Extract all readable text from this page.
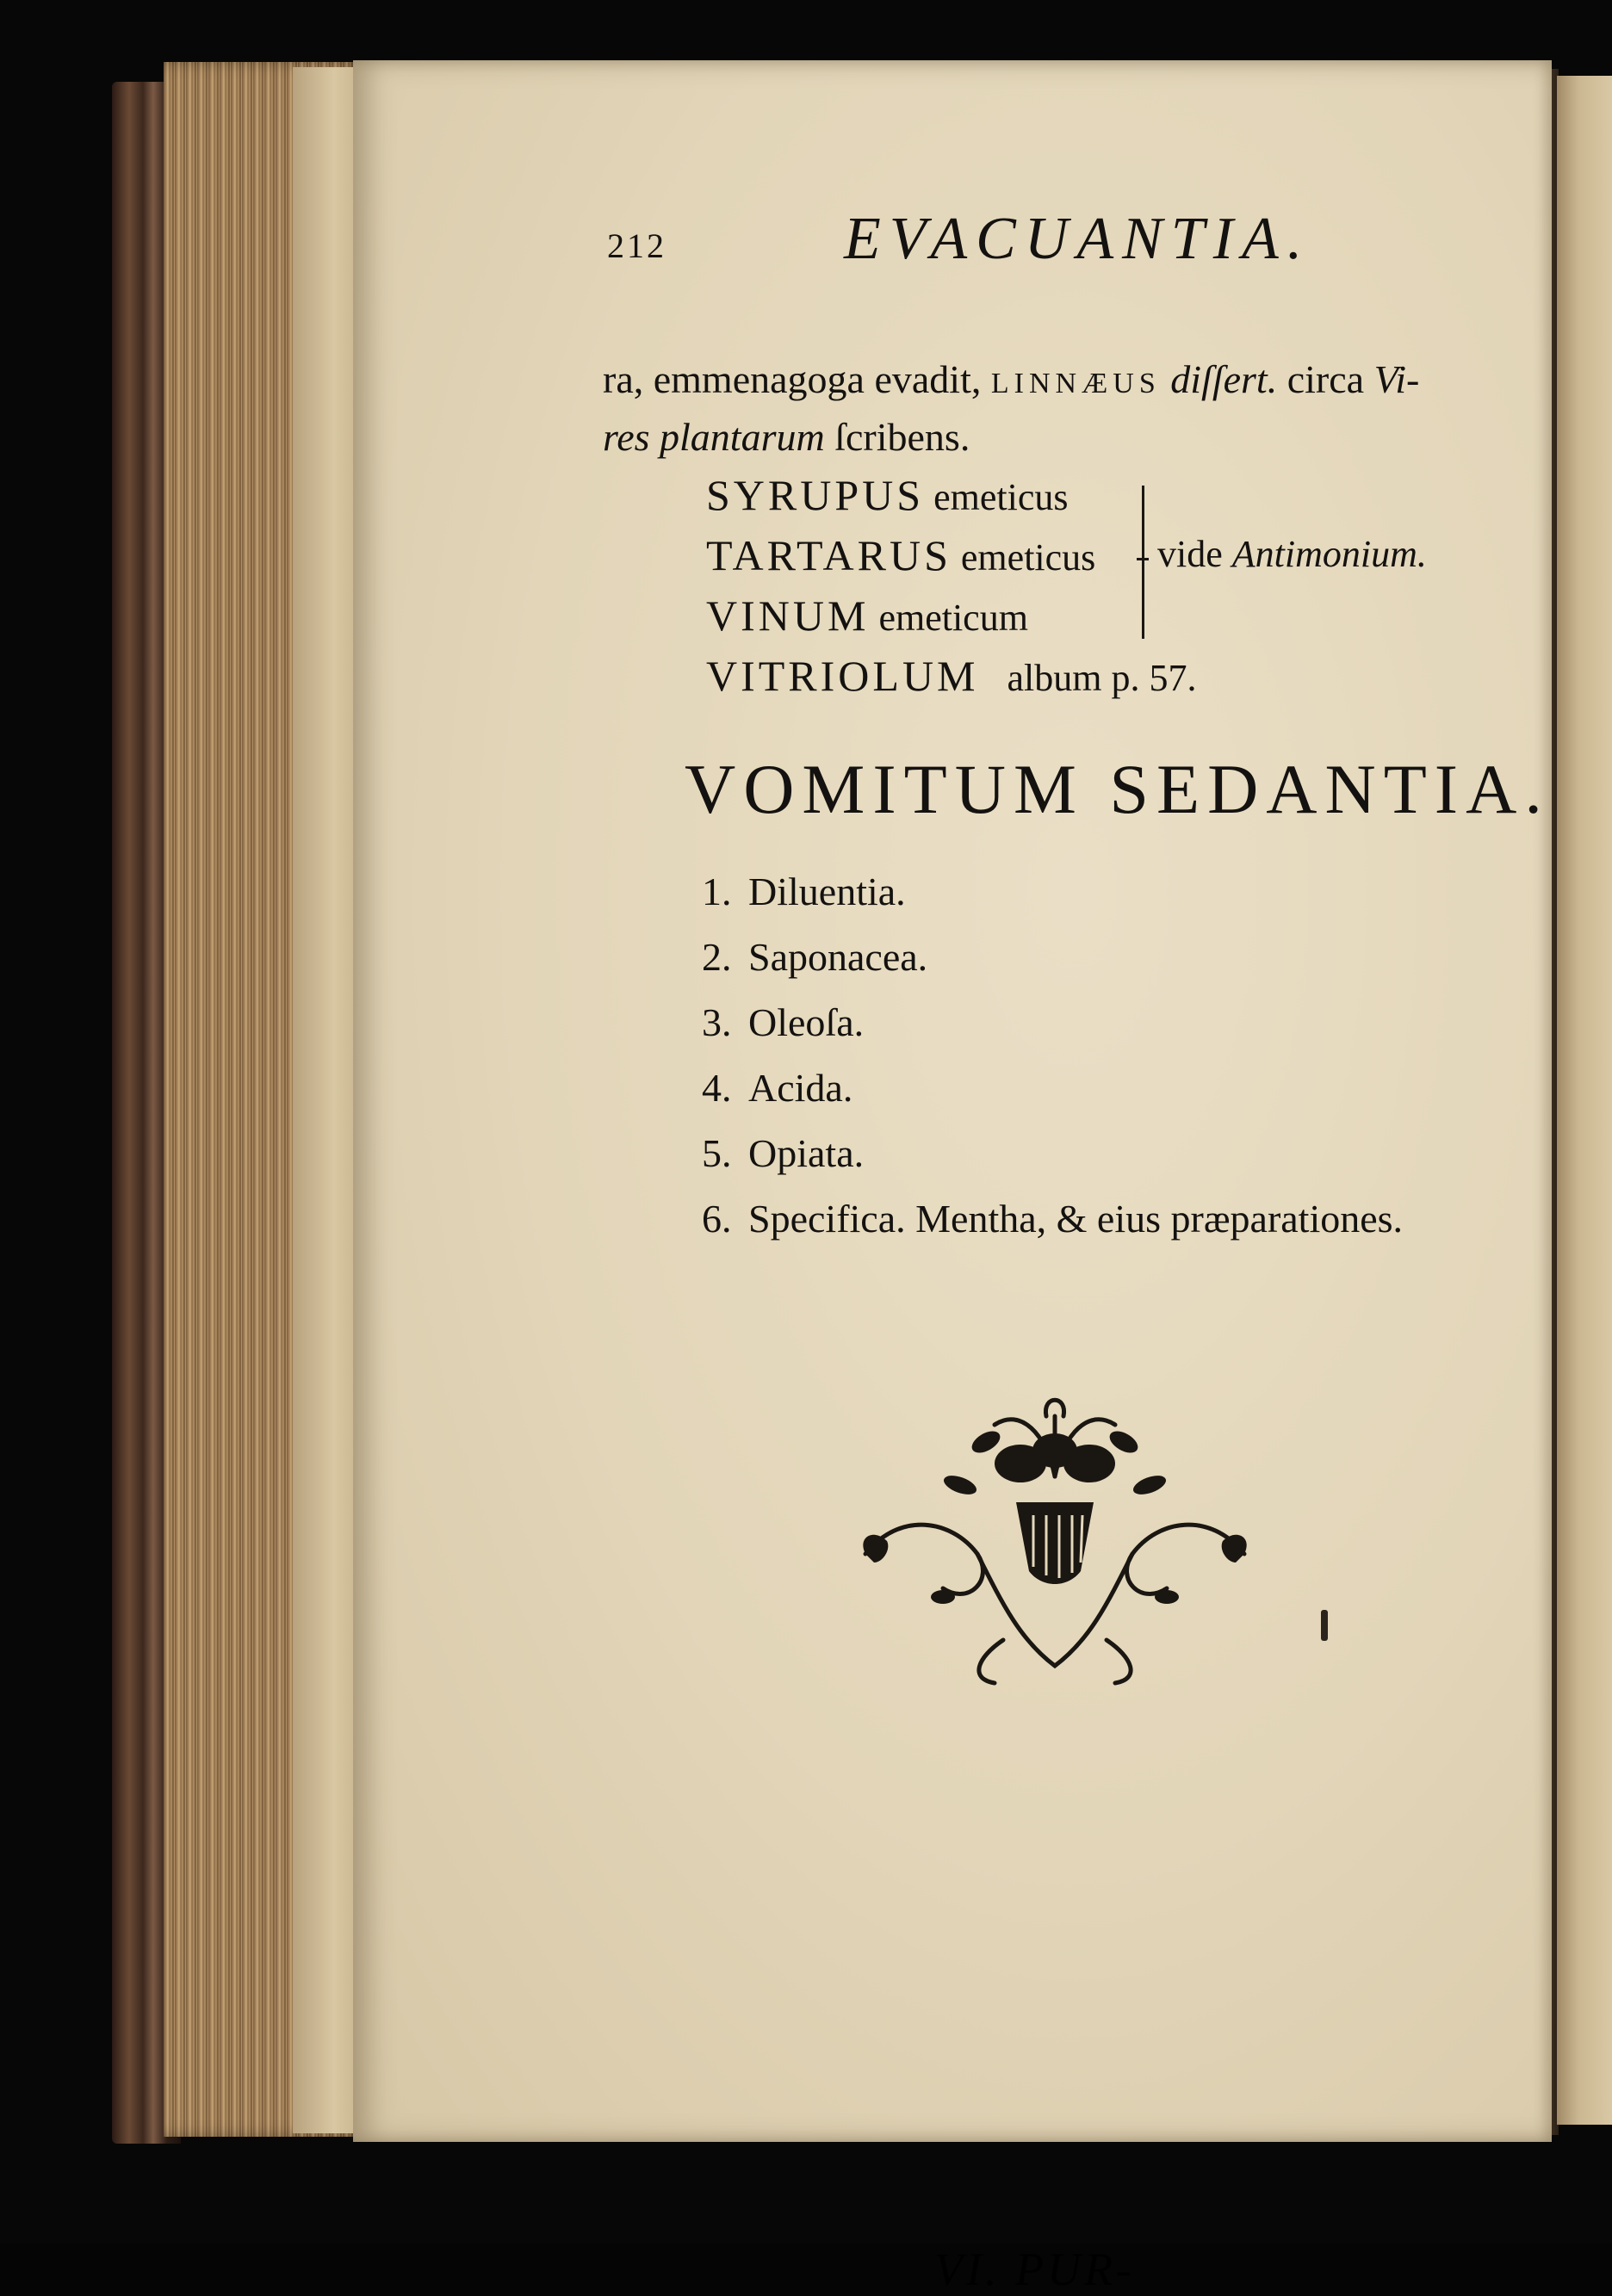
212	EVACUANTIA.
ra, emmenagoga evadit, LINNÆUS diſſert. circa Vi-
res plantarum ſcribens.
SYRUPUS emeticus
TARTARUS emeticus
VINUM emeticum
vide Antimonium.
VITRIOLUM album p. 57.
VOMITUM SEDANTIA.
1. Diluentia.
2. Saponacea.
3. Oleoſa.
4. Acida.
5. Opiata.
6. Specifica. Mentha, & eius præparationes.
VI. PUR-
